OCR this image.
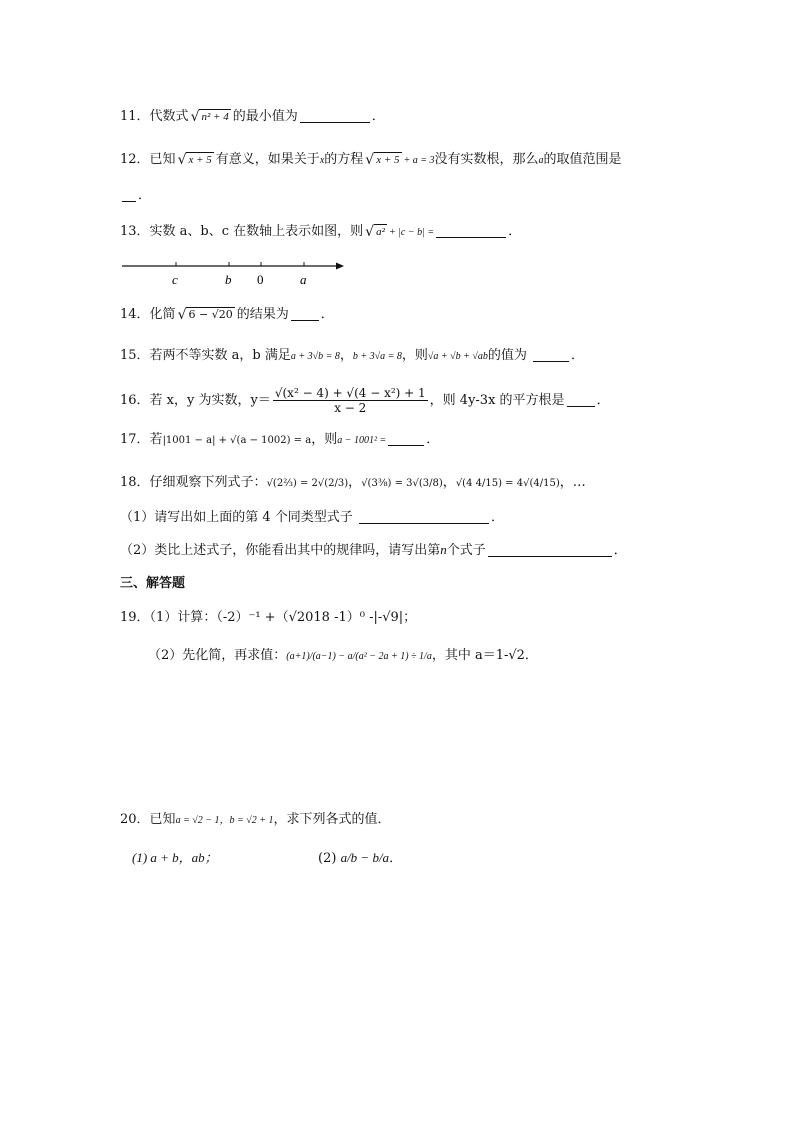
11．代数式 √ n² + 4 的最小值为	．
12．已知 √ x + 5 有意义，如果关于x的方程 √ x + 5 + a = 3没有实数根，那么a的取值范围是
．
13．实数 a、b、c 在数轴上表示如图，则 √ a² + |c − b| =	．
c	b 0	a
14．化简 √ 6 − √20 的结果为 ．
15．若两不等实数 a，b 满足a + 3√b = 8，b + 3√a = 8，则√a + √b + √ab的值为	．
16．若 x，y 为实数，$y= \frac{\text{√(x² − 4) + √(4 − x²) + 1}}{x - 2}$ ，则 4y-3x 的平方根是 ．
17．若|1001 − a| + √(a − 1002) = a，则a − 1001² =	．
18．仔细观察下列式子：√(2⅔) = 2√(2/3)，√(3⅜) = 3√(3/8)，√(4 4/15) = 4√(4/15)，…
（1）请写出如上面的第 4 个同类型式子	．
（2）类比上述式子，你能看出其中的规律吗，请写出第n个式子	．
三、解答题
19．（1）计算：（-2）⁻¹ +（√2018 -1）⁰ -|-√9|；
（2）先化简，再求值：(a+1)/(a−1) − a/(a² − 2a + 1) ÷ 1/a，其中 a＝1-√2．
20．已知a = √2 − 1，b = √2 + 1，求下列各式的值．
(1) a + b，ab；	(2) a/b − b/a．
